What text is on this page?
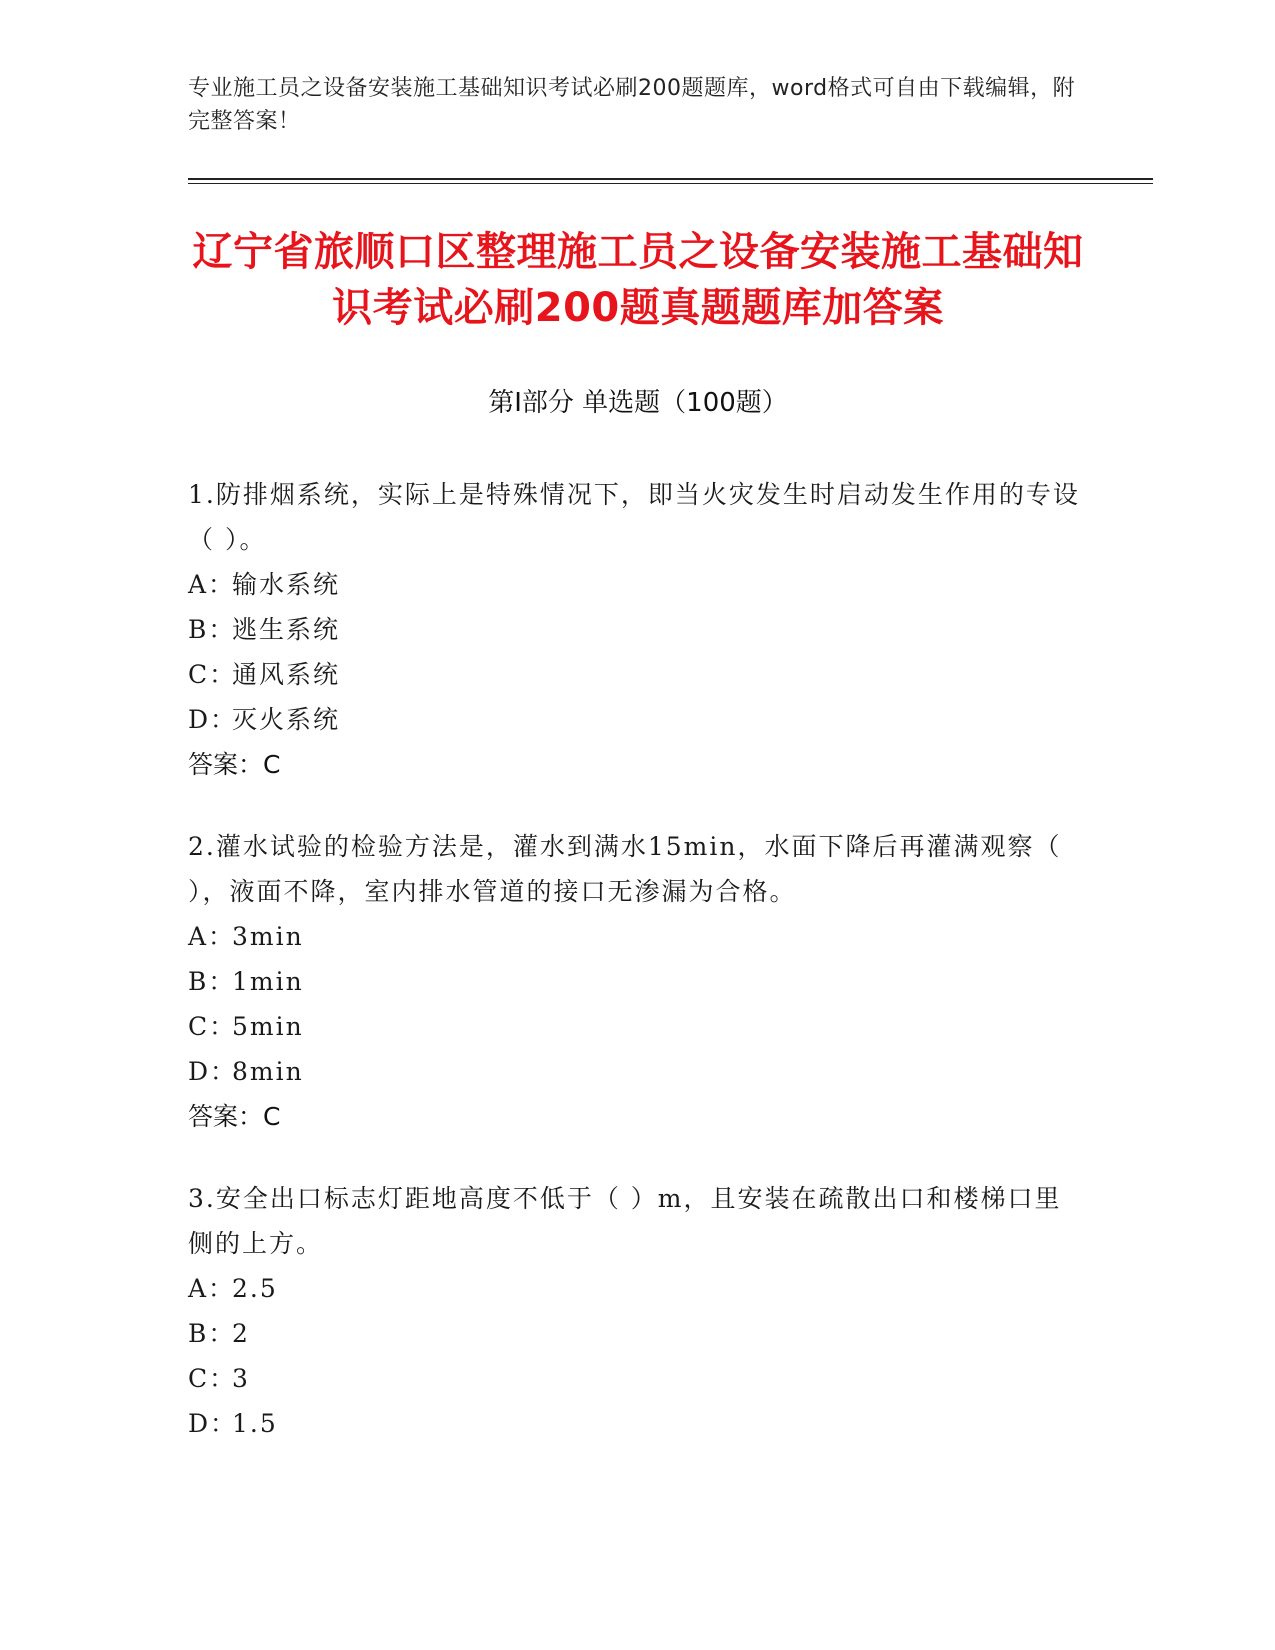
专业施工员之设备安装施工基础知识考试必刷200题题库，word格式可自由下载编辑，附完整答案！
辽宁省旅顺口区整理施工员之设备安装施工基础知识考试必刷200题真题题库加答案
第Ⅰ部分 单选题（100题）
1.防排烟系统，实际上是特殊情况下，即当火灾发生时启动发生作用的专设（ ）。
A：输水系统
B：逃生系统
C：通风系统
D：灭火系统
答案：C
2.灌水试验的检验方法是，灌水到满水15min，水面下降后再灌满观察（ ），液面不降，室内排水管道的接口无渗漏为合格。
A：3min
B：1min
C：5min
D：8min
答案：C
3.安全出口标志灯距地高度不低于（ ）m，且安装在疏散出口和楼梯口里侧的上方。
A：2.5
B：2
C：3
D：1.5
